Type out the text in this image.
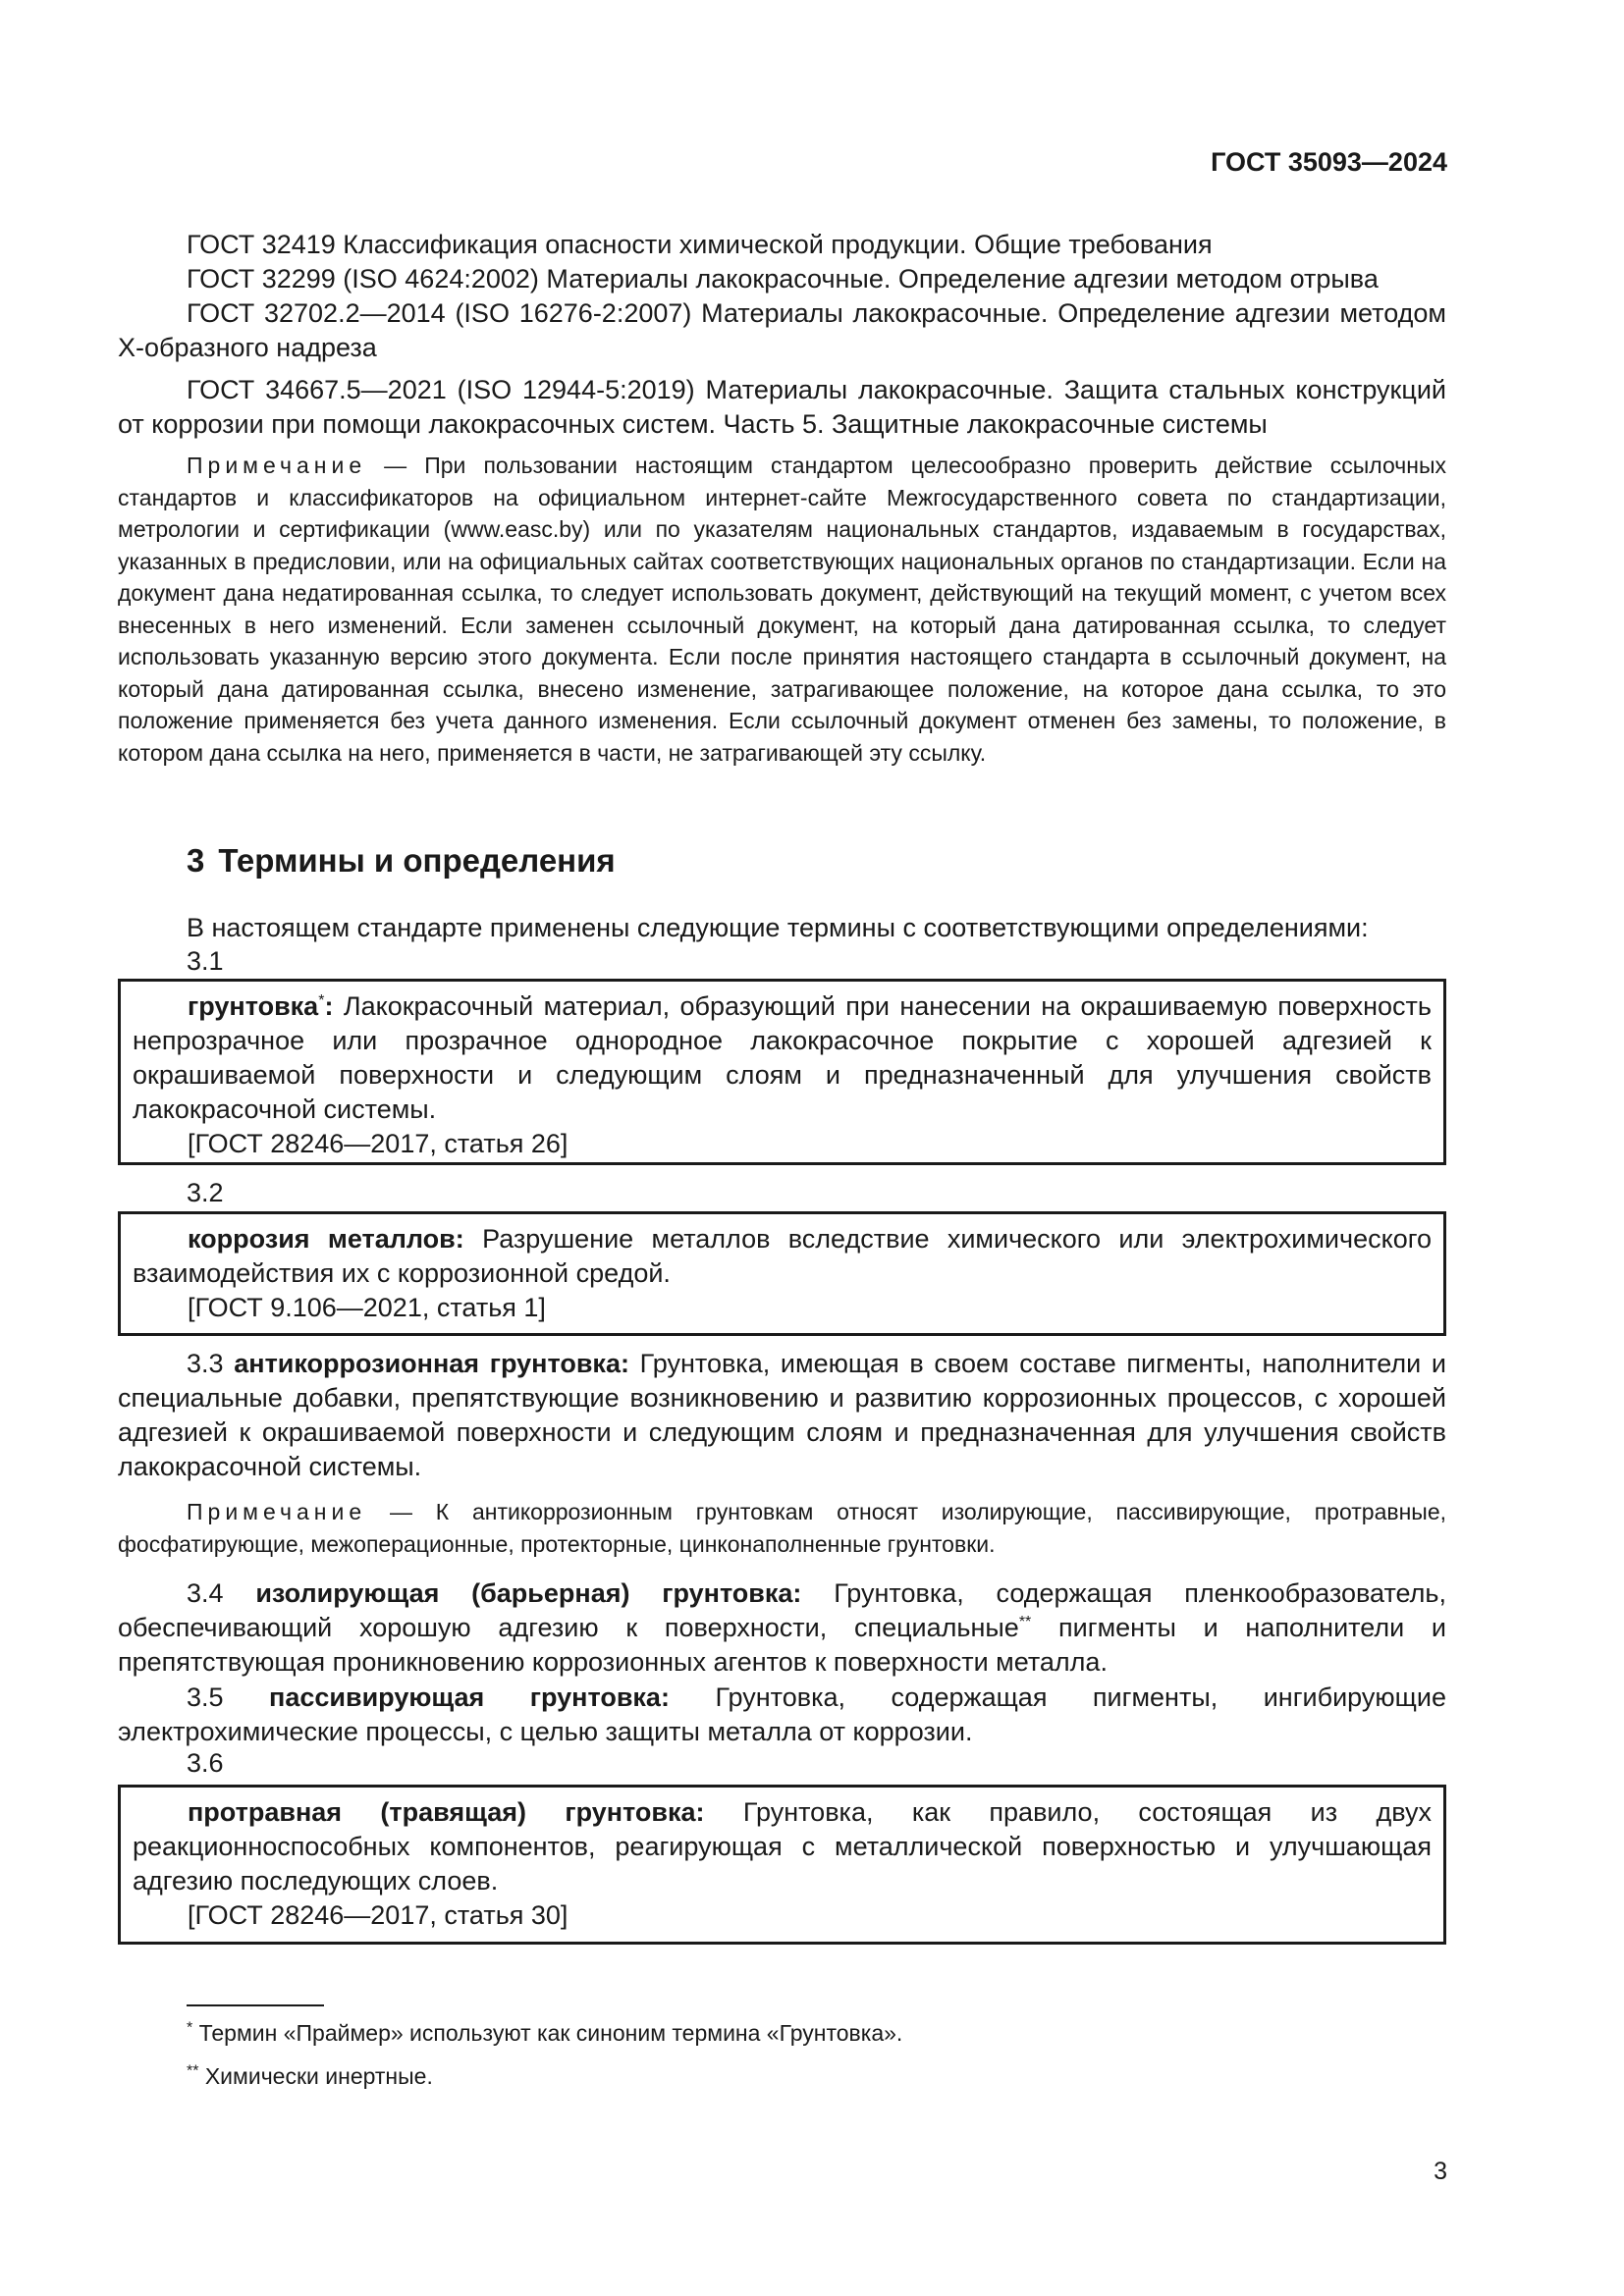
ГОСТ 35093—2024

ГОСТ 32419 Классификация опасности химической продукции. Общие требования

ГОСТ 32299 (ISO 4624:2002) Материалы лакокрасочные. Определение адгезии методом отрыва

ГОСТ 32702.2—2014 (ISO 16276-2:2007) Материалы лакокрасочные. Определение адгезии методом Х-образного надреза

ГОСТ 34667.5—2021 (ISO 12944-5:2019) Материалы лакокрасочные. Защита стальных конструкций от коррозии при помощи лакокрасочных систем. Часть 5. Защитные лакокрасочные системы

Примечание — При пользовании настоящим стандартом целесообразно проверить действие ссылочных стандартов и классификаторов на официальном интернет-сайте Межгосударственного совета по стандартизации, метрологии и сертификации (www.easc.by) или по указателям национальных стандартов, издаваемым в государствах, указанных в предисловии, или на официальных сайтах соответствующих национальных органов по стандартизации. Если на документ дана недатированная ссылка, то следует использовать документ, действующий на текущий момент, с учетом всех внесенных в него изменений. Если заменен ссылочный документ, на который дана датированная ссылка, то следует использовать указанную версию этого документа. Если после принятия настоящего стандарта в ссылочный документ, на который дана датированная ссылка, внесено изменение, затрагивающее положение, на которое дана ссылка, то это положение применяется без учета данного изменения. Если ссылочный документ отменен без замены, то положение, в котором дана ссылка на него, применяется в части, не затрагивающей эту ссылку.

3 Термины и определения
В настоящем стандарте применены следующие термины с соответствующими определениями:
3.1

грунтовка*: Лакокрасочный материал, образующий при нанесении на окрашиваемую поверхность непрозрачное или прозрачное однородное лакокрасочное покрытие с хорошей адгезией к окрашиваемой поверхности и следующим слоям и предназначенный для улучшения свойств лакокрасочной системы.

[ГОСТ 28246—2017, статья 26]

3.2

коррозия металлов: Разрушение металлов вследствие химического или электрохимического взаимодействия их с коррозионной средой.

[ГОСТ 9.106—2021, статья 1]

3.3 антикоррозионная грунтовка: Грунтовка, имеющая в своем составе пигменты, наполнители и специальные добавки, препятствующие возникновению и развитию коррозионных процессов, с хорошей адгезией к окрашиваемой поверхности и следующим слоям и предназначенная для улучшения свойств лакокрасочной системы.

Примечание — К антикоррозионным грунтовкам относят изолирующие, пассивирующие, протравные, фосфатирующие, межоперационные, протекторные, цинконаполненные грунтовки.

3.4 изолирующая (барьерная) грунтовка: Грунтовка, содержащая пленкообразователь, обеспечивающий хорошую адгезию к поверхности, специальные** пигменты и наполнители и препятствующая проникновению коррозионных агентов к поверхности металла.

3.5 пассивирующая грунтовка: Грунтовка, содержащая пигменты, ингибирующие электрохимические процессы, с целью защиты металла от коррозии.

3.6

протравная (травящая) грунтовка: Грунтовка, как правило, состоящая из двух реакционноспособных компонентов, реагирующая с металлической поверхностью и улучшающая адгезию последующих слоев.

[ГОСТ 28246—2017, статья 30]

* Термин «Праймер» используют как синоним термина «Грунтовка».
** Химически инертные.
3
